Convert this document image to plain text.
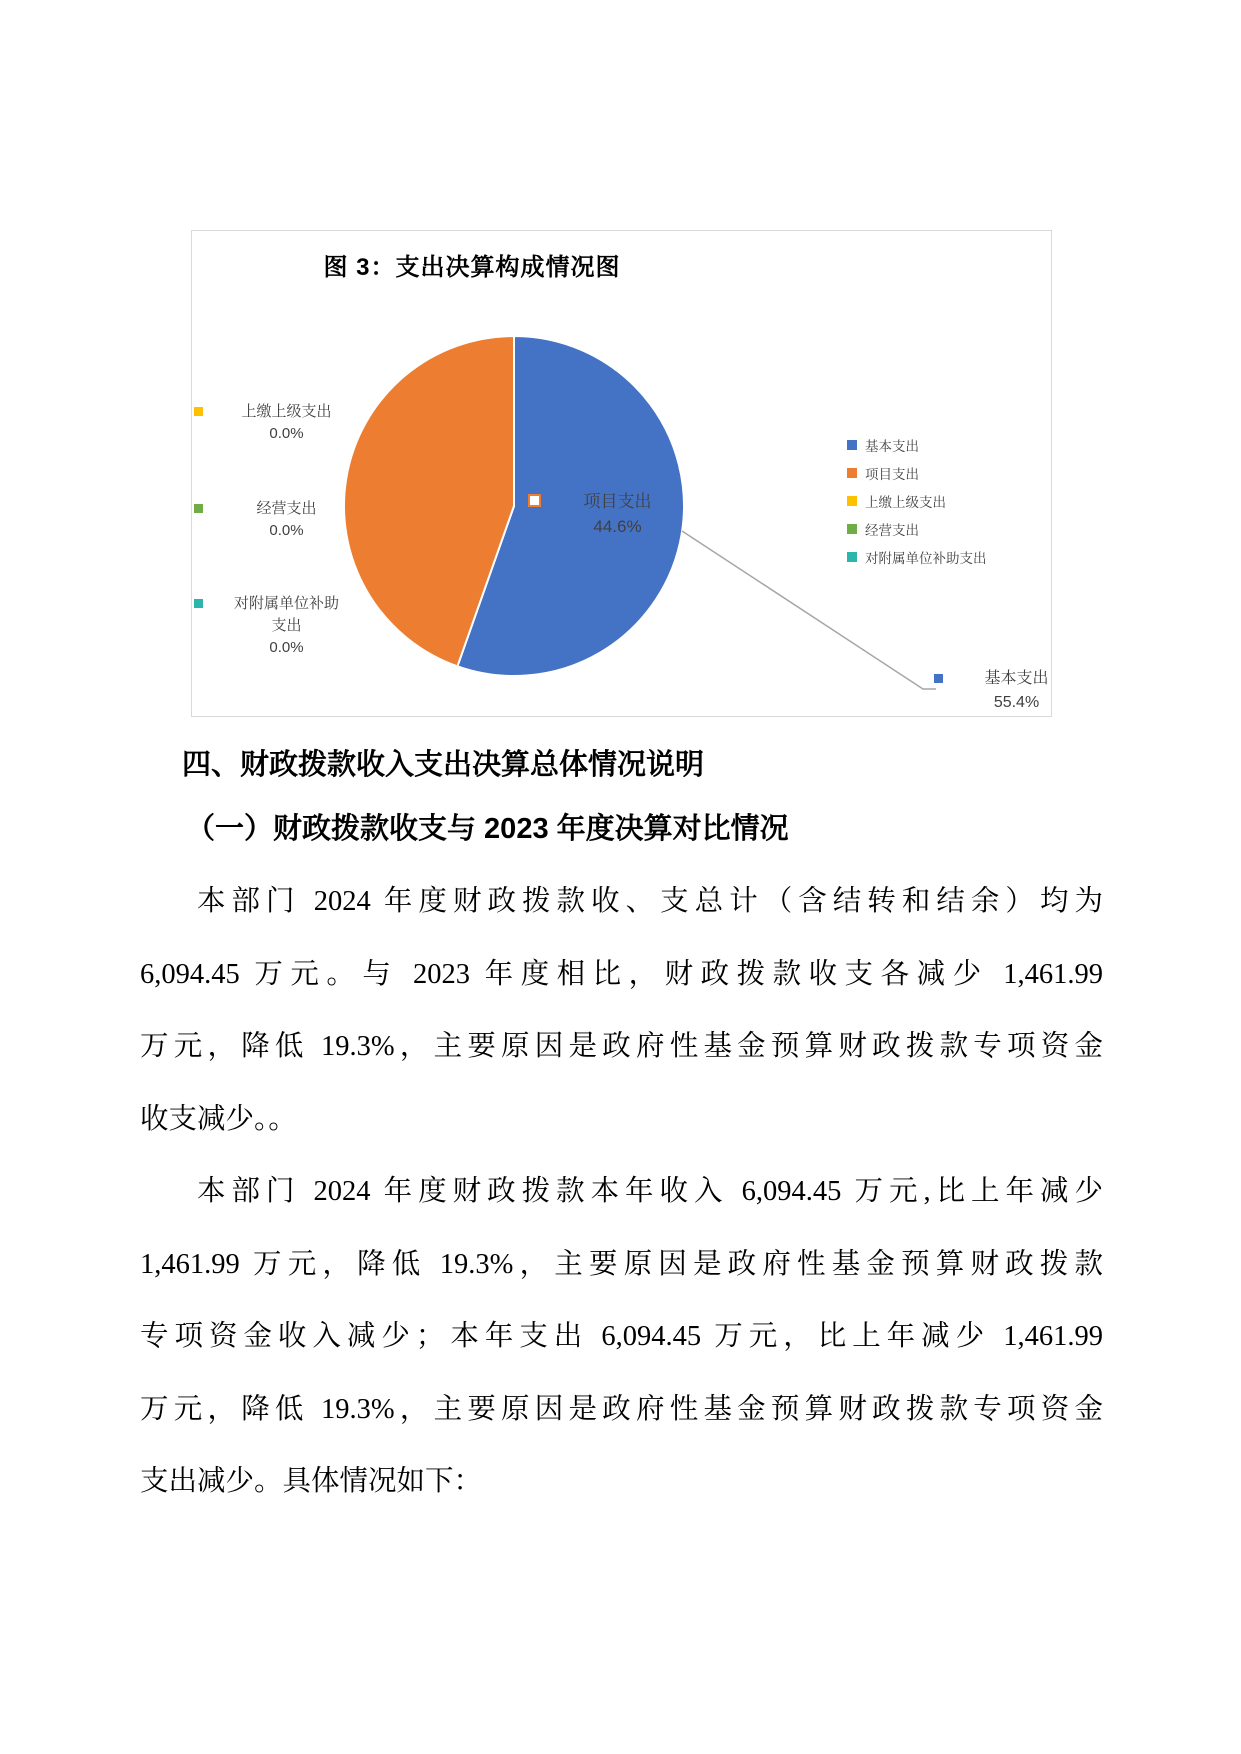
图 3：支出决算构成情况图
上缴上级支出
0.0%
经营支出
0.0%
对附属单位补助
支出
0.0%
项目支出
44.6%
基本支出
55.4%
基本支出
项目支出
上缴上级支出
经营支出
对附属单位补助支出
四、财政拨款收入支出决算总体情况说明
（一）财政拨款收支与 2023 年度决算对比情况
本部门 2024 年度财政拨款收、支总计（含结转和结余）均为
6,094.45 万元。与 2023 年度相比，财政拨款收支各减少 1,461.99
万元，降低 19.3%，主要原因是政府性基金预算财政拨款专项资金
收支减少。。
本部门 2024 年度财政拨款本年收入 6,094.45 万元,比上年减少
1,461.99 万元，降低 19.3%，主要原因是政府性基金预算财政拨款
专项资金收入减少；本年支出 6,094.45 万元，比上年减少 1,461.99
万元，降低 19.3%，主要原因是政府性基金预算财政拨款专项资金
支出减少。具体情况如下：
